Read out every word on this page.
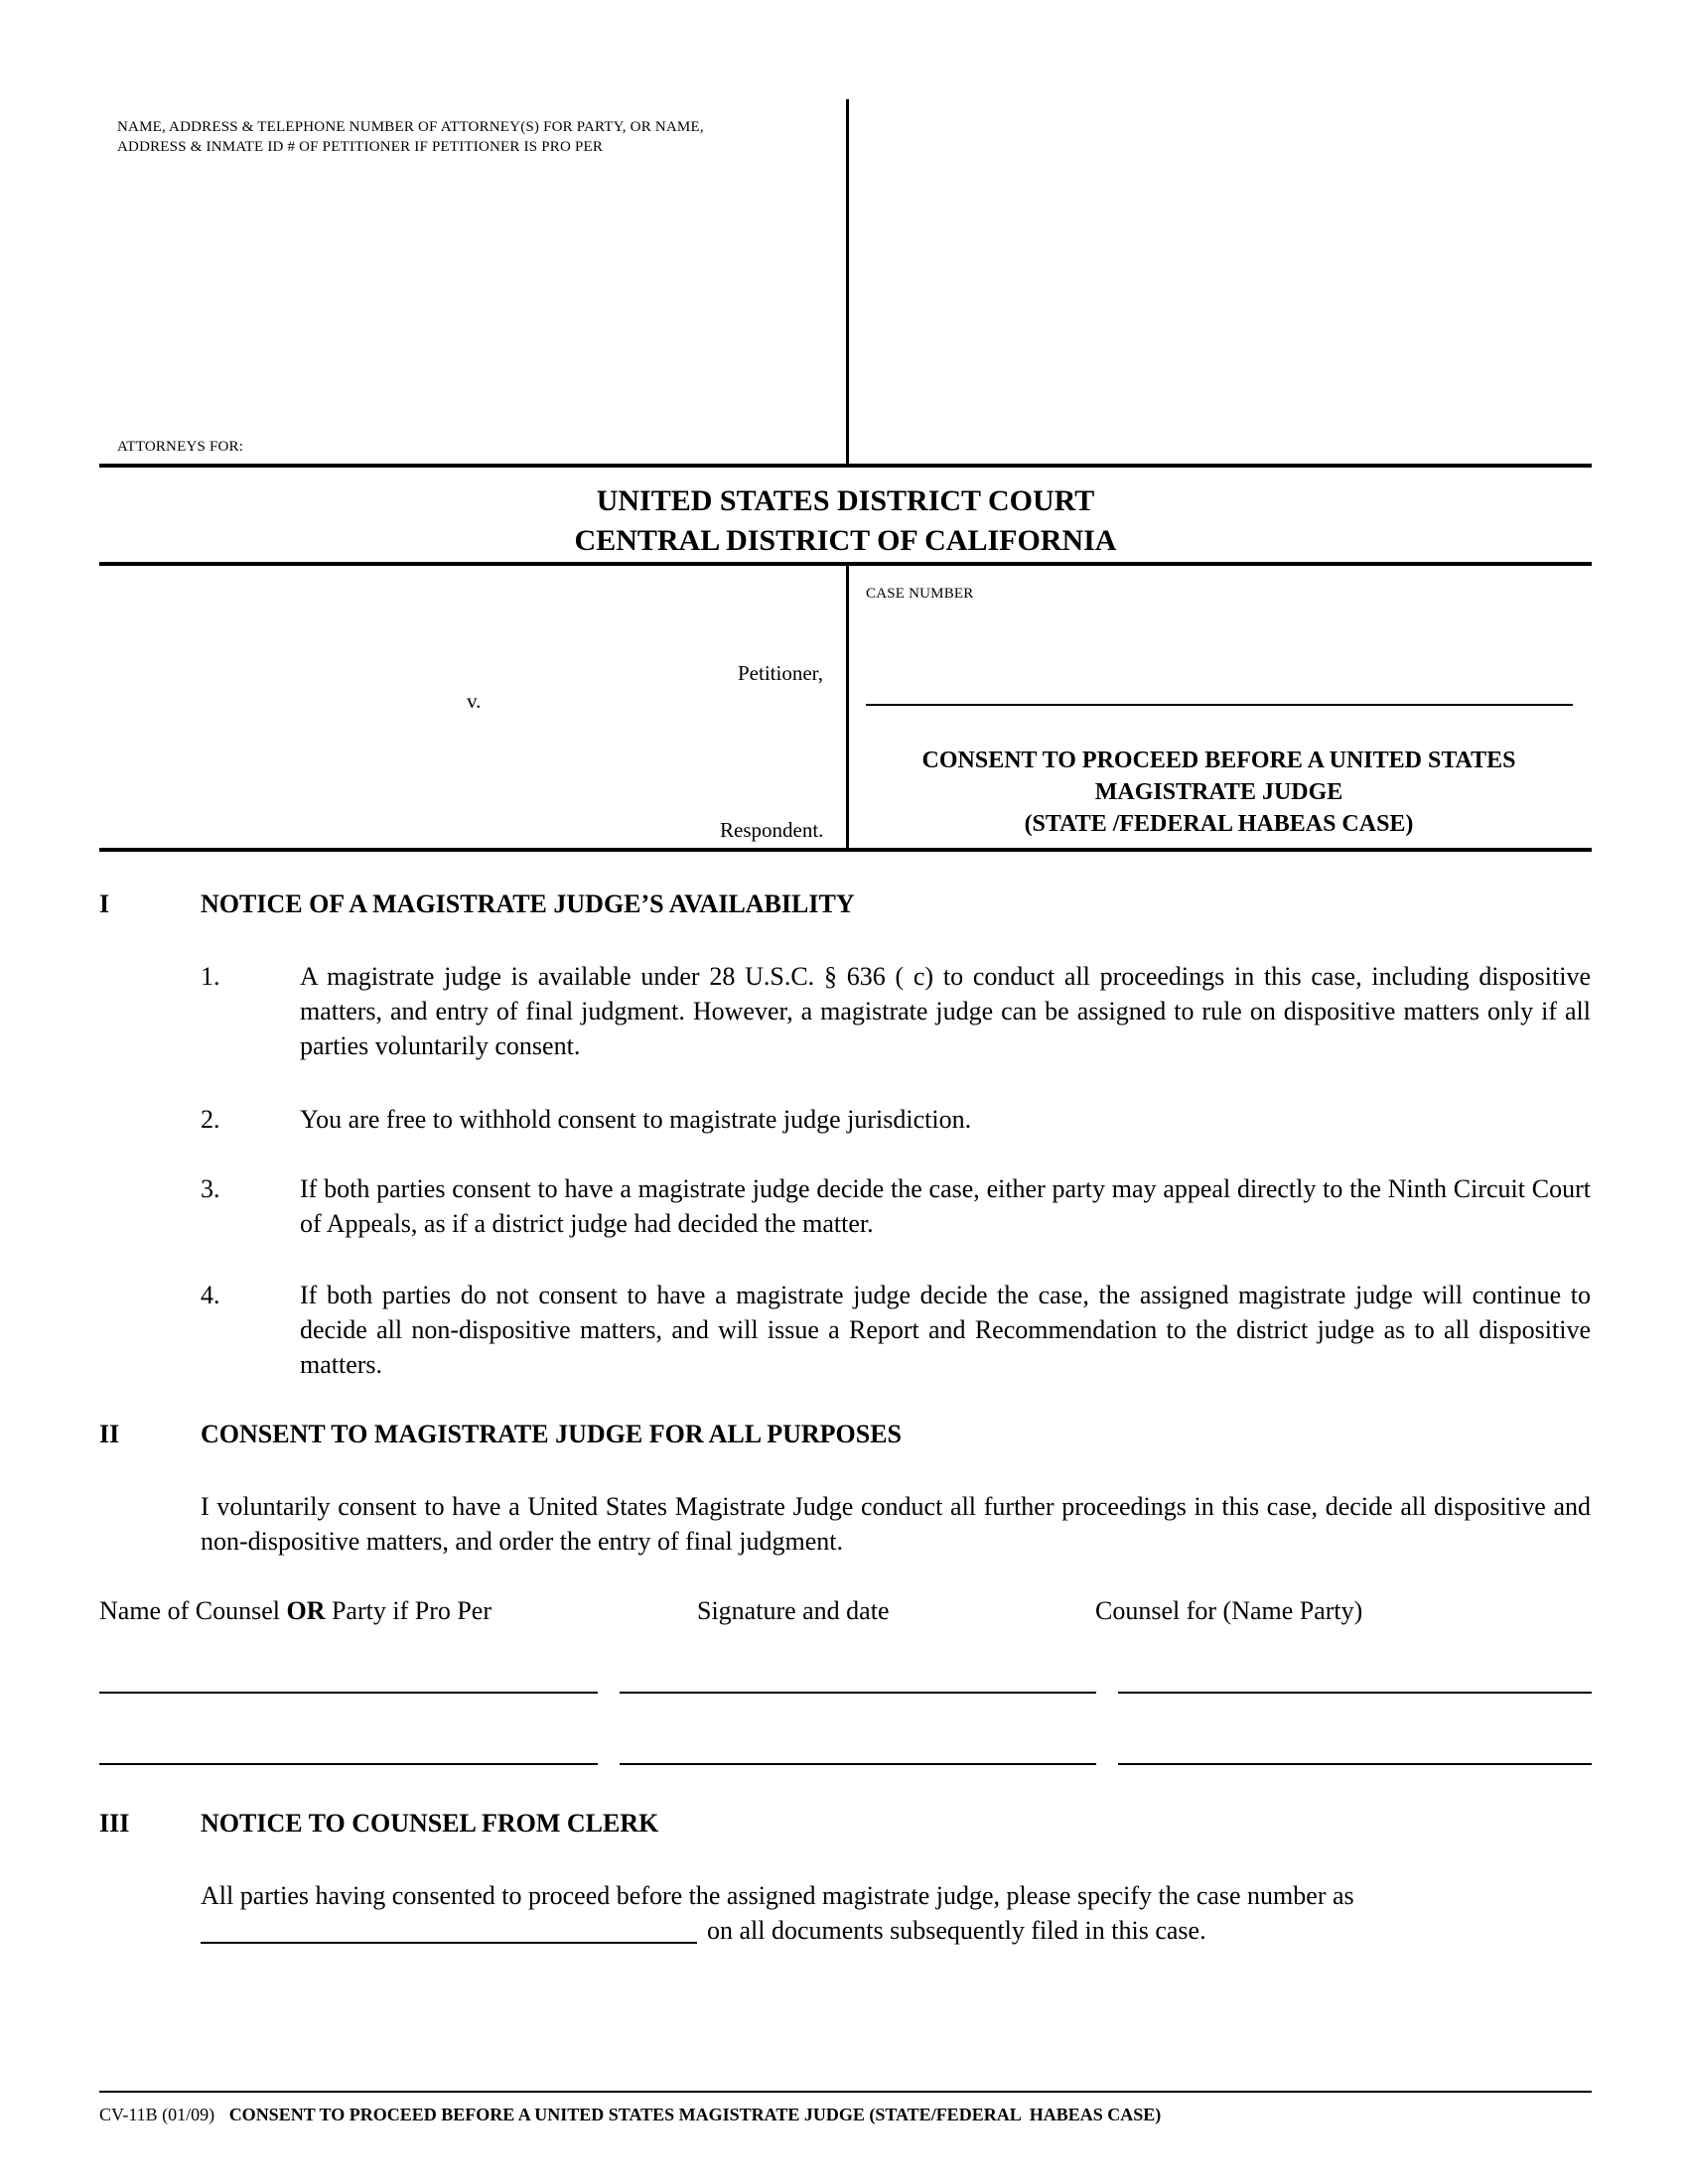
NAME, ADDRESS & TELEPHONE NUMBER OF ATTORNEY(S) FOR PARTY, OR NAME,
ADDRESS & INMATE ID # OF PETITIONER IF PETITIONER IS PRO PER
ATTORNEYS FOR:
UNITED STATES DISTRICT COURT
CENTRAL DISTRICT OF CALIFORNIA
Petitioner,
v.
Respondent.
CASE NUMBER
CONSENT TO PROCEED BEFORE A UNITED STATES
MAGISTRATE JUDGE
(STATE /FEDERAL HABEAS CASE)
I	NOTICE OF A MAGISTRATE JUDGE’S AVAILABILITY
1.	A magistrate judge is available under 28 U.S.C. § 636 ( c) to conduct all proceedings in this case, including dispositive matters, and entry of final judgment. However, a magistrate judge can be assigned to rule on dispositive matters only if all parties voluntarily consent.
2.	You are free to withhold consent to magistrate judge jurisdiction.
3.	If both parties consent to have a magistrate judge decide the case, either party may appeal directly to the Ninth Circuit Court of Appeals, as if a district judge had decided the matter.
4.	If both parties do not consent to have a magistrate judge decide the case, the assigned magistrate judge will continue to decide all non-dispositive matters, and will issue a Report and Recommendation to the district judge as to all dispositive matters.
II	CONSENT TO MAGISTRATE JUDGE FOR ALL PURPOSES
I voluntarily consent to have a United States Magistrate Judge conduct all further proceedings in this case, decide all dispositive and non-dispositive matters, and order the entry of final judgment.
Name of Counsel OR Party if Pro Per	Signature and date	Counsel for (Name Party)
III	NOTICE TO COUNSEL FROM CLERK
All parties having consented to proceed before the assigned magistrate judge, please specify the case number as
on all documents subsequently filed in this case.
CV-11B (01/09) CONSENT TO PROCEED BEFORE A UNITED STATES MAGISTRATE JUDGE (STATE/FEDERAL  HABEAS CASE)
